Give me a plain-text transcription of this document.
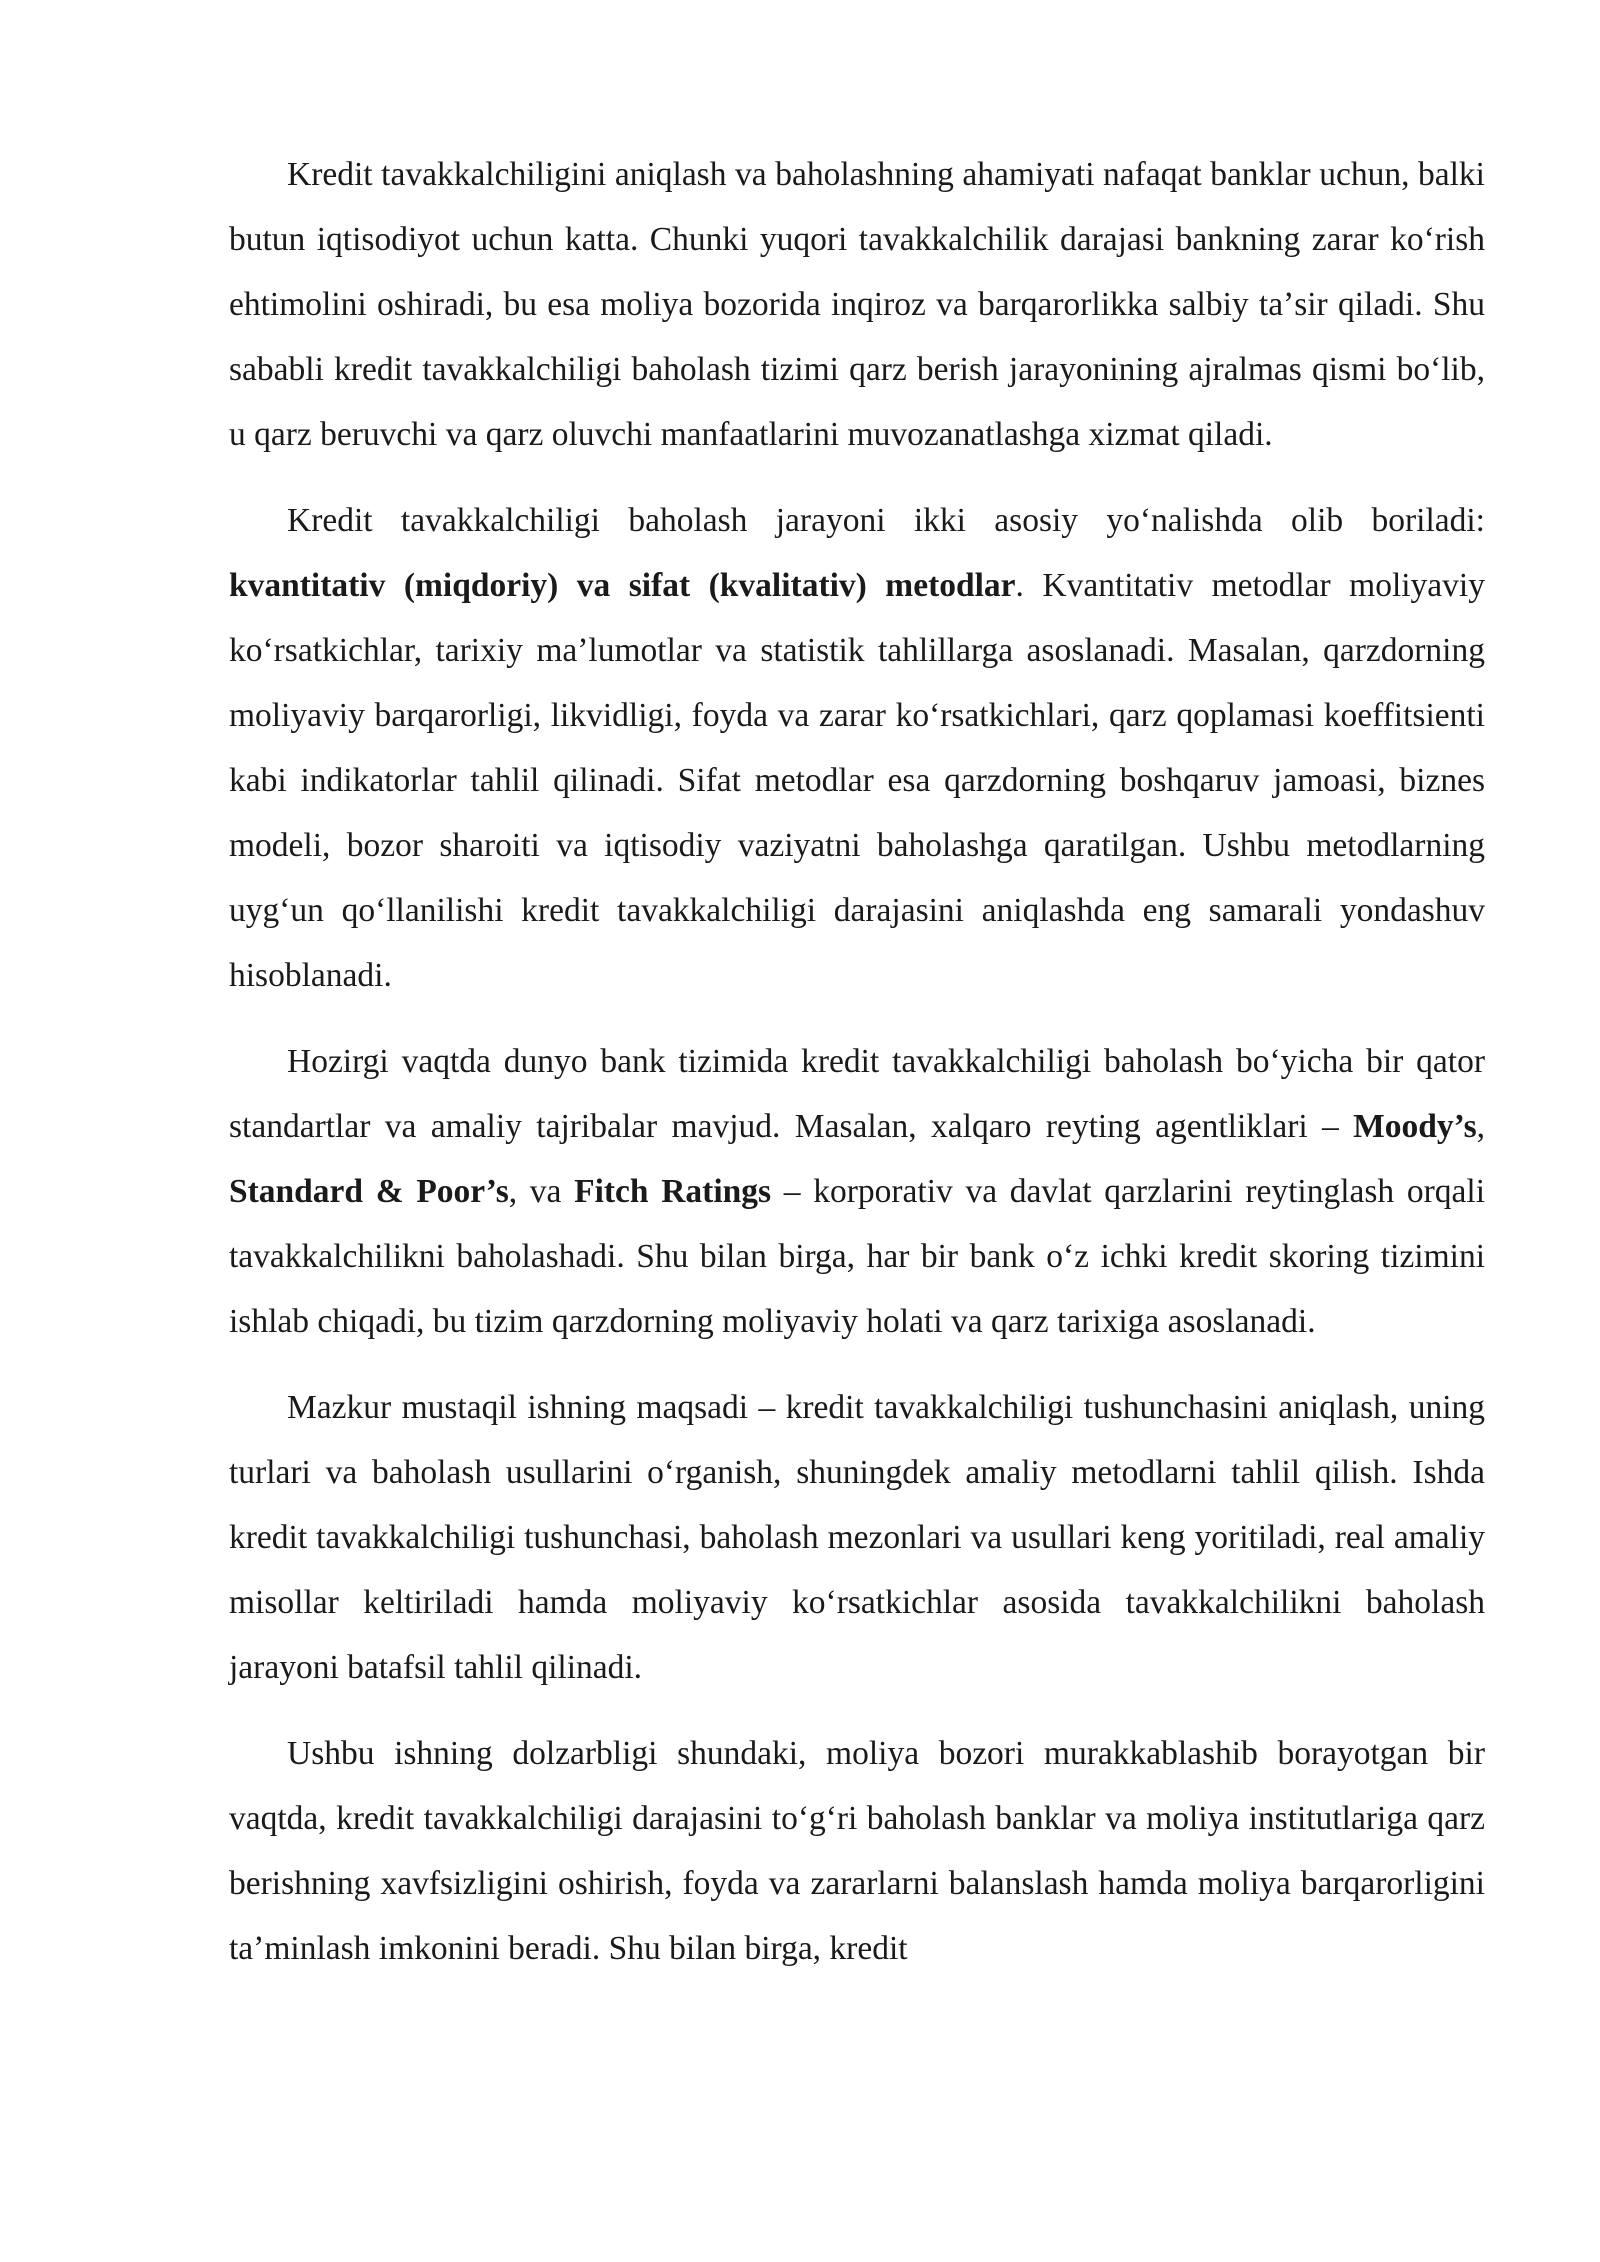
Kredit tavakkalchiligini aniqlash va baholashning ahamiyati nafaqat banklar uchun, balki butun iqtisodiyot uchun katta. Chunki yuqori tavakkalchilik darajasi bankning zarar koʻrish ehtimolini oshiradi, bu esa moliya bozorida inqiroz va barqarorlikka salbiy taʼsir qiladi. Shu sababli kredit tavakkalchiligi baholash tizimi qarz berish jarayonining ajralmas qismi boʻlib, u qarz beruvchi va qarz oluvchi manfaatlarini muvozanatlashga xizmat qiladi.

Kredit tavakkalchiligi baholash jarayoni ikki asosiy yoʻnalishda olib boriladi: kvantitativ (miqdoriy) va sifat (kvalitativ) metodlar. Kvantitativ metodlar moliyaviy koʻrsatkichlar, tarixiy maʼlumotlar va statistik tahlillarga asoslanadi. Masalan, qarzdorning moliyaviy barqarorligi, likvidligi, foyda va zarar koʻrsatkichlari, qarz qoplamasi koeffitsienti kabi indikatorlar tahlil qilinadi. Sifat metodlar esa qarzdorning boshqaruv jamoasi, biznes modeli, bozor sharoiti va iqtisodiy vaziyatni baholashga qaratilgan. Ushbu metodlarning uygʻun qoʻllanilishi kredit tavakkalchiligi darajasini aniqlashda eng samarali yondashuv hisoblanadi.

Hozirgi vaqtda dunyo bank tizimida kredit tavakkalchiligi baholash boʻyicha bir qator standartlar va amaliy tajribalar mavjud. Masalan, xalqaro reyting agentliklari – Moody’s, Standard & Poor’s, va Fitch Ratings – korporativ va davlat qarzlarini reytinglash orqali tavakkalchilikni baholashadi. Shu bilan birga, har bir bank oʻz ichki kredit skoring tizimini ishlab chiqadi, bu tizim qarzdorning moliyaviy holati va qarz tarixiga asoslanadi.

Mazkur mustaqil ishning maqsadi – kredit tavakkalchiligi tushunchasini aniqlash, uning turlari va baholash usullarini oʻrganish, shuningdek amaliy metodlarni tahlil qilish. Ishda kredit tavakkalchiligi tushunchasi, baholash mezonlari va usullari keng yoritiladi, real amaliy misollar keltiriladi hamda moliyaviy koʻrsatkichlar asosida tavakkalchilikni baholash jarayoni batafsil tahlil qilinadi.

Ushbu ishning dolzarbligi shundaki, moliya bozori murakkablashib borayotgan bir vaqtda, kredit tavakkalchiligi darajasini toʻgʻri baholash banklar va moliya institutlariga qarz berishning xavfsizligini oshirish, foyda va zararlarni balanslash hamda moliya barqarorligini taʼminlash imkonini beradi. Shu bilan birga, kredit
